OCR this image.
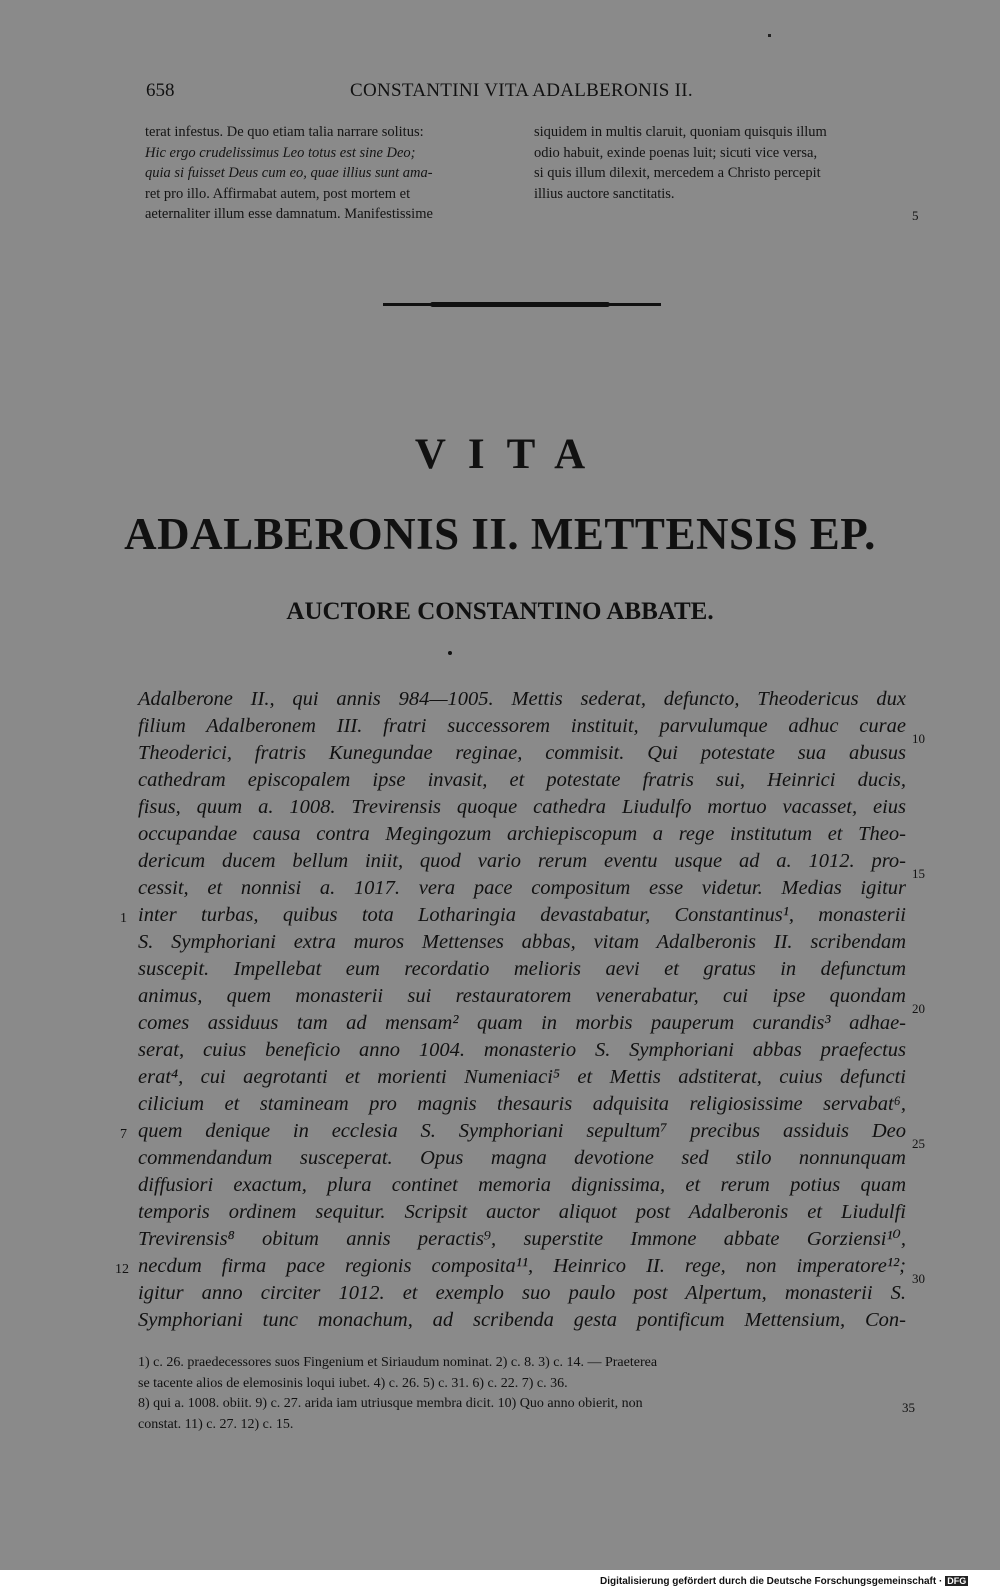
658	CONSTANTINI VITA ADALBERONIS II.

terat infestus. De quo etiam talia narrare solitus:

Hic ergo crudelissimus Leo totus est sine Deo;

quia si fuisset Deus cum eo, quae illius sunt ama-

ret pro illo. Affirmabat autem, post mortem et

aeternaliter illum esse damnatum. Manifestissime

siquidem in multis claruit, quoniam quisquis illum

odio habuit, exinde poenas luit; sicuti vice versa,

si quis illum dilexit, mercedem a Christo percepit

illius auctore sanctitatis.

5
VITA
ADALBERONIS II. METTENSIS EP.
AUCTORE CONSTANTINO ABBATE.
Adalberone II., qui annis 984—1005. Mettis sederat, defuncto, Theodericus dux
filium Adalberonem III. fratri successorem instituit, parvulumque adhuc curae
Theoderici, fratris Kunegundae reginae, commisit. Qui potestate sua abusus
cathedram episcopalem ipse invasit, et potestate fratris sui, Heinrici ducis,
fisus, quum a. 1008. Trevirensis quoque cathedra Liudulfo mortuo vacasset, eius
occupandae causa contra Megingozum archiepiscopum a rege institutum et Theo-
dericum ducem bellum iniit, quod vario rerum eventu usque ad a. 1012. pro-
cessit, et nonnisi a. 1017. vera pace compositum esse videtur. Medias igitur
inter turbas, quibus tota Lotharingia devastabatur, Constantinus¹, monasterii
S. Symphoriani extra muros Mettenses abbas, vitam Adalberonis II. scribendam
suscepit. Impellebat eum recordatio melioris aevi et gratus in defunctum
animus, quem monasterii sui restauratorem venerabatur, cui ipse quondam
comes assiduus tam ad mensam² quam in morbis pauperum curandis³ adhae-
serat, cuius beneficio anno 1004. monasterio S. Symphoriani abbas praefectus
erat⁴, cui aegrotanti et morienti Numeniaci⁵ et Mettis adstiterat, cuius defuncti
cilicium et stamineam pro magnis thesauris adquisita religiosissime servabat⁶,
quem denique in ecclesia S. Symphoriani sepultum⁷ precibus assiduis Deo
commendandum susceperat. Opus magna devotione sed stilo nonnunquam
diffusiori exactum, plura continet memoria dignissima, et rerum potius quam
temporis ordinem sequitur. Scripsit auctor aliquot post Adalberonis et Liudulfi
Trevirensis⁸ obitum annis peractis⁹, superstite Immone abbate Gorziensi¹⁰,
necdum firma pace regionis composita¹¹, Heinrico II. rege, non imperatore¹²;
igitur anno circiter 1012. et exemplo suo paulo post Alpertum, monasterii S.
Symphoriani tunc monachum, ad scribenda gesta pontificum Mettensium, Con-
10
15
20
25
30
1
7
12
1) c. 26. praedecessores suos Fingenium et Siriaudum nominat. 2) c. 8. 3) c. 14. — Praeterea
se tacente alios de elemosinis loqui iubet. 4) c. 26. 5) c. 31. 6) c. 22. 7) c. 36.
8) qui a. 1008. obiit. 9) c. 27. arida iam utriusque membra dicit. 10) Quo anno obierit, non
constat. 11) c. 27. 12) c. 15.
35
Digitalisierung gefördert durch die Deutsche Forschungsgemeinschaft · DFG
